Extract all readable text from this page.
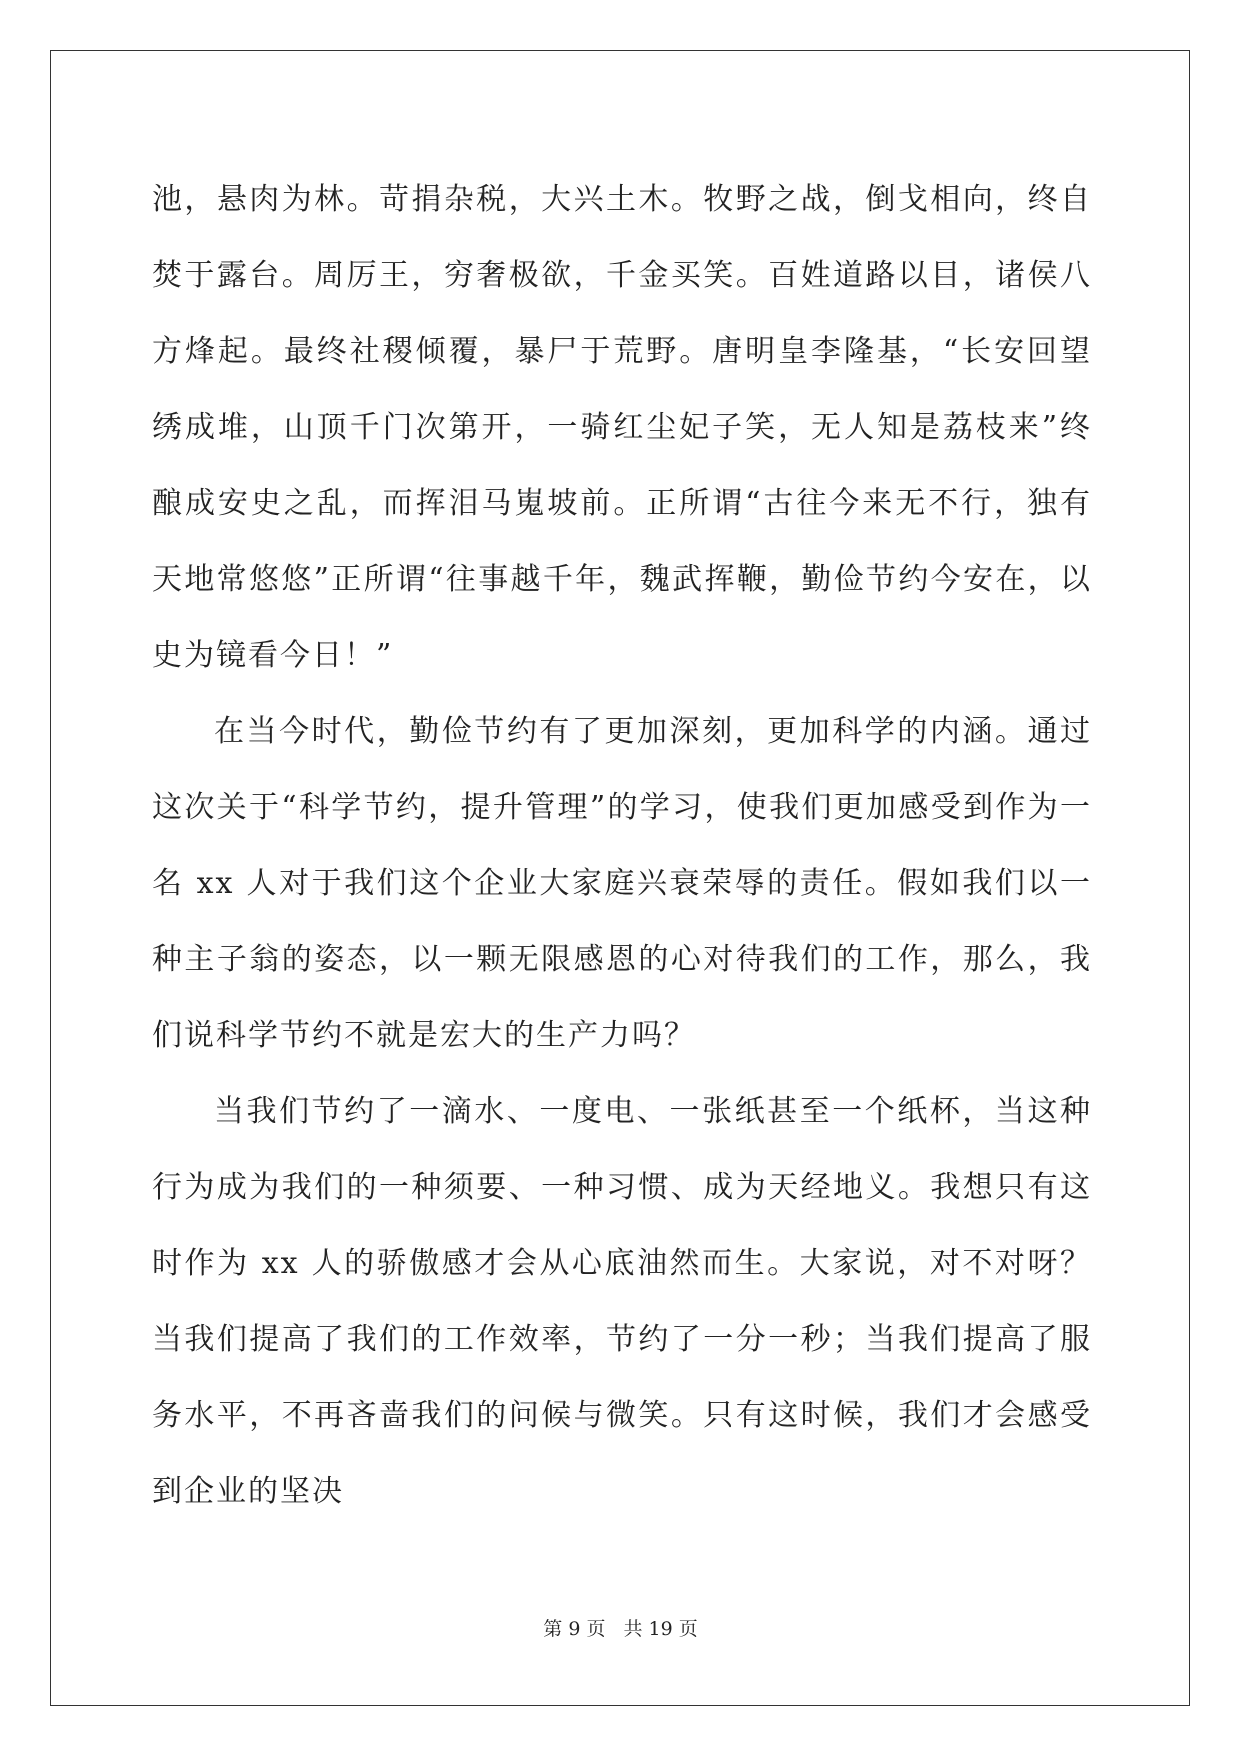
池，悬肉为林。苛捐杂税，大兴土木。牧野之战，倒戈相向，终自焚于露台。周厉王，穷奢极欲，千金买笑。百姓道路以目，诸侯八方烽起。最终社稷倾覆，暴尸于荒野。唐明皇李隆基，“长安回望绣成堆，山顶千门次第开，一骑红尘妃子笑，无人知是荔枝来”终酿成安史之乱，而挥泪马嵬坡前。正所谓“古往今来无不行，独有天地常悠悠”正所谓“往事越千年，魏武挥鞭，勤俭节约今安在，以史为镜看今日！”

在当今时代，勤俭节约有了更加深刻，更加科学的内涵。通过这次关于“科学节约，提升管理”的学习，使我们更加感受到作为一名 xx 人对于我们这个企业大家庭兴衰荣辱的责任。假如我们以一种主子翁的姿态，以一颗无限感恩的心对待我们的工作，那么，我们说科学节约不就是宏大的生产力吗？

当我们节约了一滴水、一度电、一张纸甚至一个纸杯，当这种行为成为我们的一种须要、一种习惯、成为天经地义。我想只有这时作为 xx 人的骄傲感才会从心底油然而生。大家说，对不对呀？当我们提高了我们的工作效率，节约了一分一秒；当我们提高了服务水平，不再吝啬我们的问候与微笑。只有这时候，我们才会感受到企业的坚决

第 9 页 共 19 页
